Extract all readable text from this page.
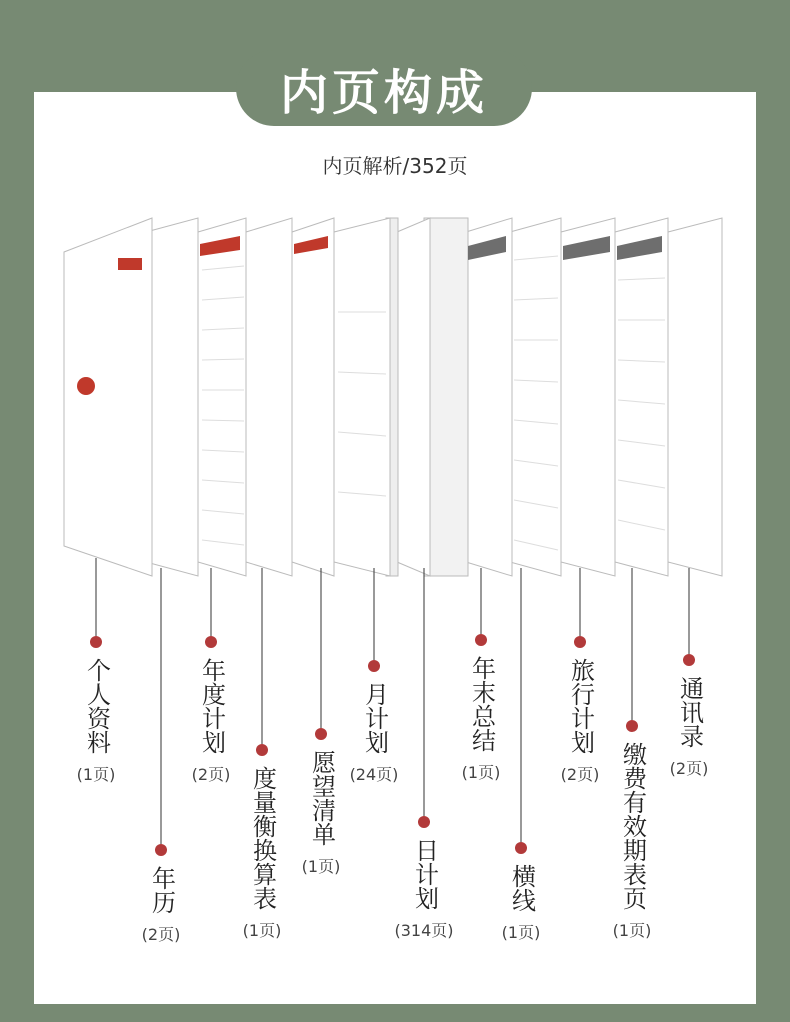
内页构成
内页解析/352页
个人资料
(1页)
年历
(2页)
年度计划
(2页) 度量衡换算表
(1页)
愿望清单
(1页)
月计划
(24页)
日计划
(314页)
年末总结
(1页)
横线
(1页)
旅行计划
(2页) 缴费有效期表页
(1页)
通讯录
(2页)
